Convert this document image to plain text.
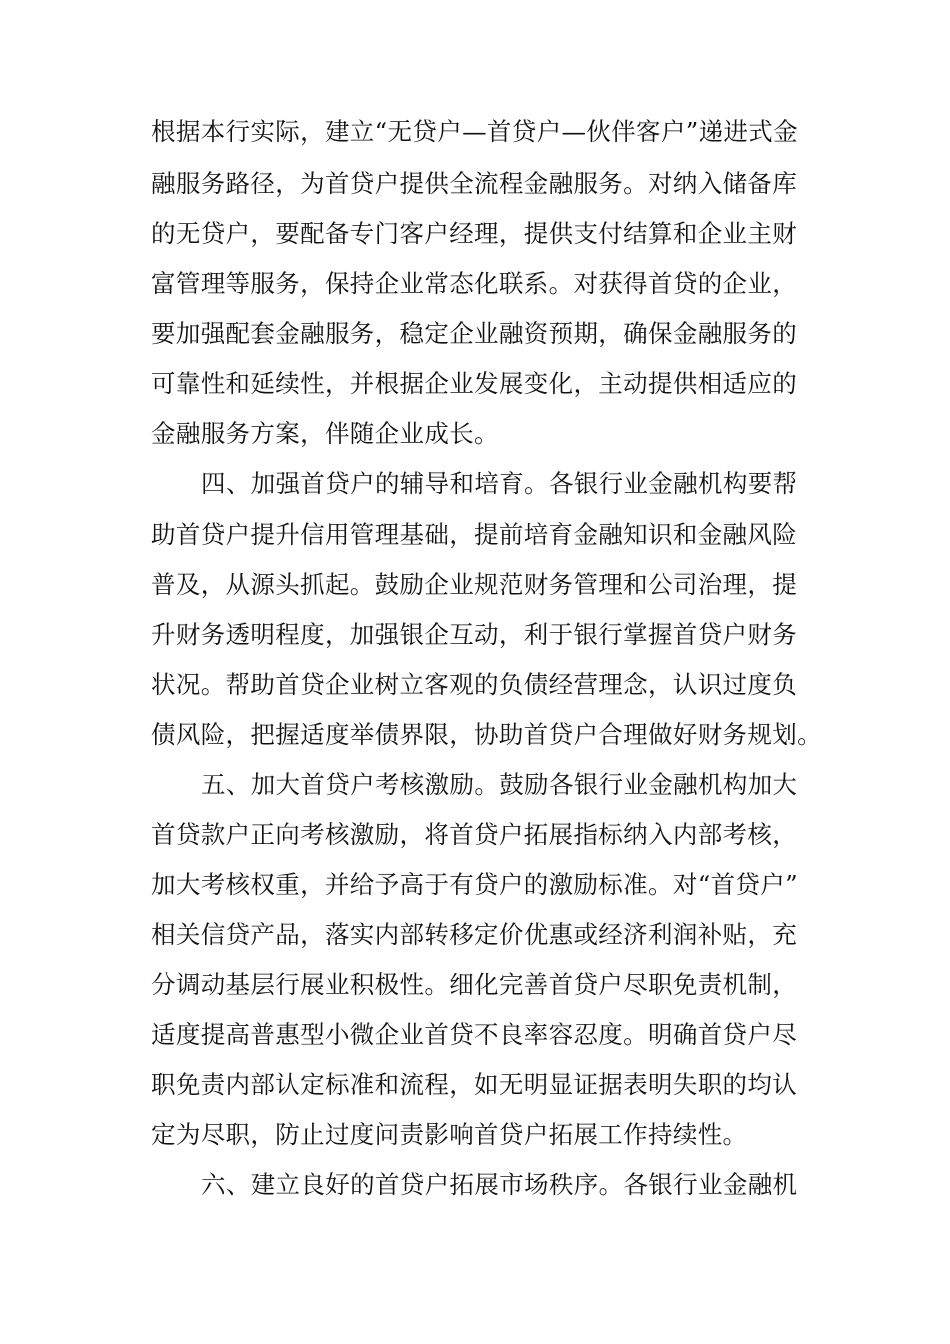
根据本行实际，建立“无贷户—首贷户—伙伴客户”递进式金
融服务路径，为首贷户提供全流程金融服务。对纳入储备库
的无贷户，要配备专门客户经理，提供支付结算和企业主财
富管理等服务，保持企业常态化联系。对获得首贷的企业，
要加强配套金融服务，稳定企业融资预期，确保金融服务的
可靠性和延续性，并根据企业发展变化，主动提供相适应的
金融服务方案，伴随企业成长。
四、加强首贷户的辅导和培育。各银行业金融机构要帮
助首贷户提升信用管理基础，提前培育金融知识和金融风险
普及，从源头抓起。鼓励企业规范财务管理和公司治理，提
升财务透明程度，加强银企互动，利于银行掌握首贷户财务
状况。帮助首贷企业树立客观的负债经营理念，认识过度负
债风险，把握适度举债界限，协助首贷户合理做好财务规划。
五、加大首贷户考核激励。鼓励各银行业金融机构加大
首贷款户正向考核激励，将首贷户拓展指标纳入内部考核，
加大考核权重，并给予高于有贷户的激励标准。对“首贷户”
相关信贷产品，落实内部转移定价优惠或经济利润补贴，充
分调动基层行展业积极性。细化完善首贷户尽职免责机制，
适度提高普惠型小微企业首贷不良率容忍度。明确首贷户尽
职免责内部认定标准和流程，如无明显证据表明失职的均认
定为尽职，防止过度问责影响首贷户拓展工作持续性。
六、建立良好的首贷户拓展市场秩序。各银行业金融机
